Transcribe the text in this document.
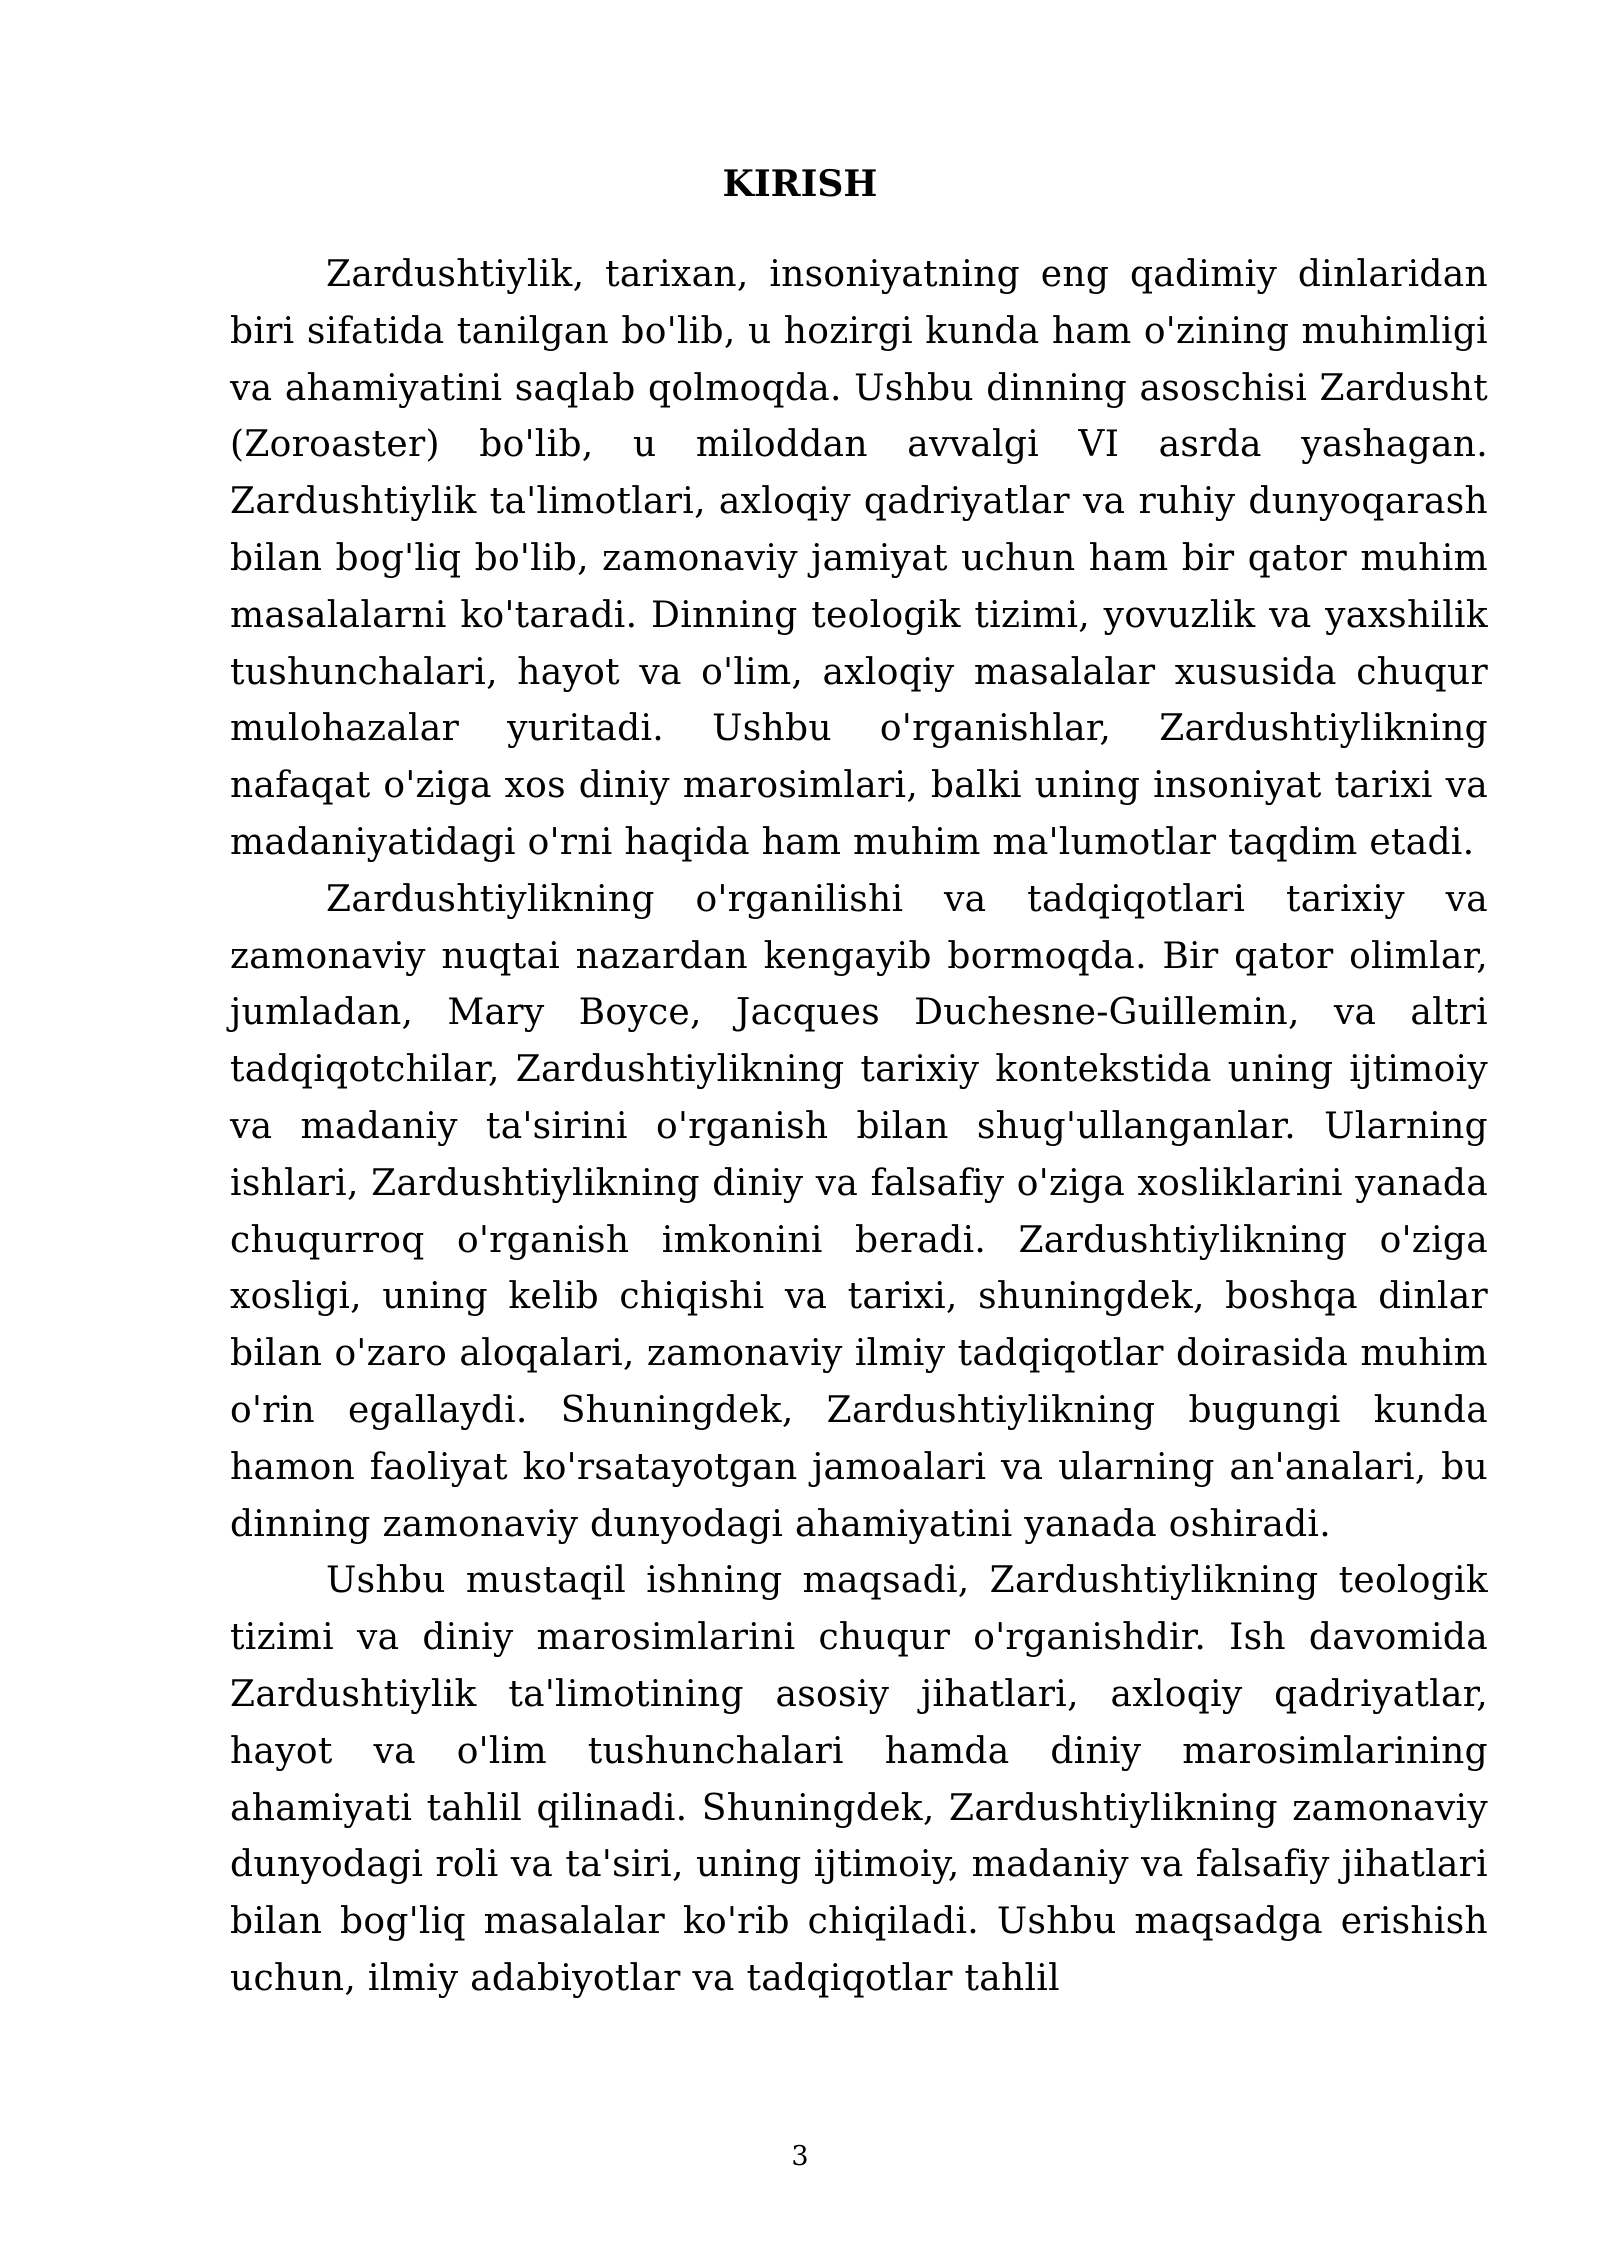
KIRISH

Zardushtiylik, tarixan, insoniyatning eng qadimiy dinlaridan biri sifatida tanilgan bo'lib, u hozirgi kunda ham o'zining muhimligi va ahamiyatini saqlab qolmoqda. Ushbu dinning asoschisi Zardusht (Zoroaster) bo'lib, u miloddan avvalgi VI asrda yashagan. Zardushtiylik ta'limotlari, axloqiy qadriyatlar va ruhiy dunyoqarash bilan bog'liq bo'lib, zamonaviy jamiyat uchun ham bir qator muhim masalalarni ko'taradi. Dinning teologik tizimi, yovuzlik va yaxshilik tushunchalari, hayot va o'lim, axloqiy masalalar xususida chuqur mulohazalar yuritadi. Ushbu o'rganishlar, Zardushtiylikning nafaqat o'ziga xos diniy marosimlari, balki uning insoniyat tarixi va madaniyatidagi o'rni haqida ham muhim ma'lumotlar taqdim etadi.

Zardushtiylikning o'rganilishi va tadqiqotlari tarixiy va zamonaviy nuqtai nazardan kengayib bormoqda. Bir qator olimlar, jumladan, Mary Boyce, Jacques Duchesne-Guillemin, va altri tadqiqotchilar, Zardushtiylikning tarixiy kontekstida uning ijtimoiy va madaniy ta'sirini o'rganish bilan shug'ullanganlar. Ularning ishlari, Zardushtiylikning diniy va falsafiy o'ziga xosliklarini yanada chuqurroq o'rganish imkonini beradi. Zardushtiylikning o'ziga xosligi, uning kelib chiqishi va tarixi, shuningdek, boshqa dinlar bilan o'zaro aloqalari, zamonaviy ilmiy tadqiqotlar doirasida muhim o'rin egallaydi. Shuningdek, Zardushtiylikning bugungi kunda hamon faoliyat ko'rsatayotgan jamoalari va ularning an'analari, bu dinning zamonaviy dunyodagi ahamiyatini yanada oshiradi.

Ushbu mustaqil ishning maqsadi, Zardushtiylikning teologik tizimi va diniy marosimlarini chuqur o'rganishdir. Ish davomida Zardushtiylik ta'limotining asosiy jihatlari, axloqiy qadriyatlar, hayot va o'lim tushunchalari hamda diniy marosimlarining ahamiyati tahlil qilinadi. Shuningdek, Zardushtiylikning zamonaviy dunyodagi roli va ta'siri, uning ijtimoiy, madaniy va falsafiy jihatlari bilan bog'liq masalalar ko'rib chiqiladi. Ushbu maqsadga erishish uchun, ilmiy adabiyotlar va tadqiqotlar tahlil

3
